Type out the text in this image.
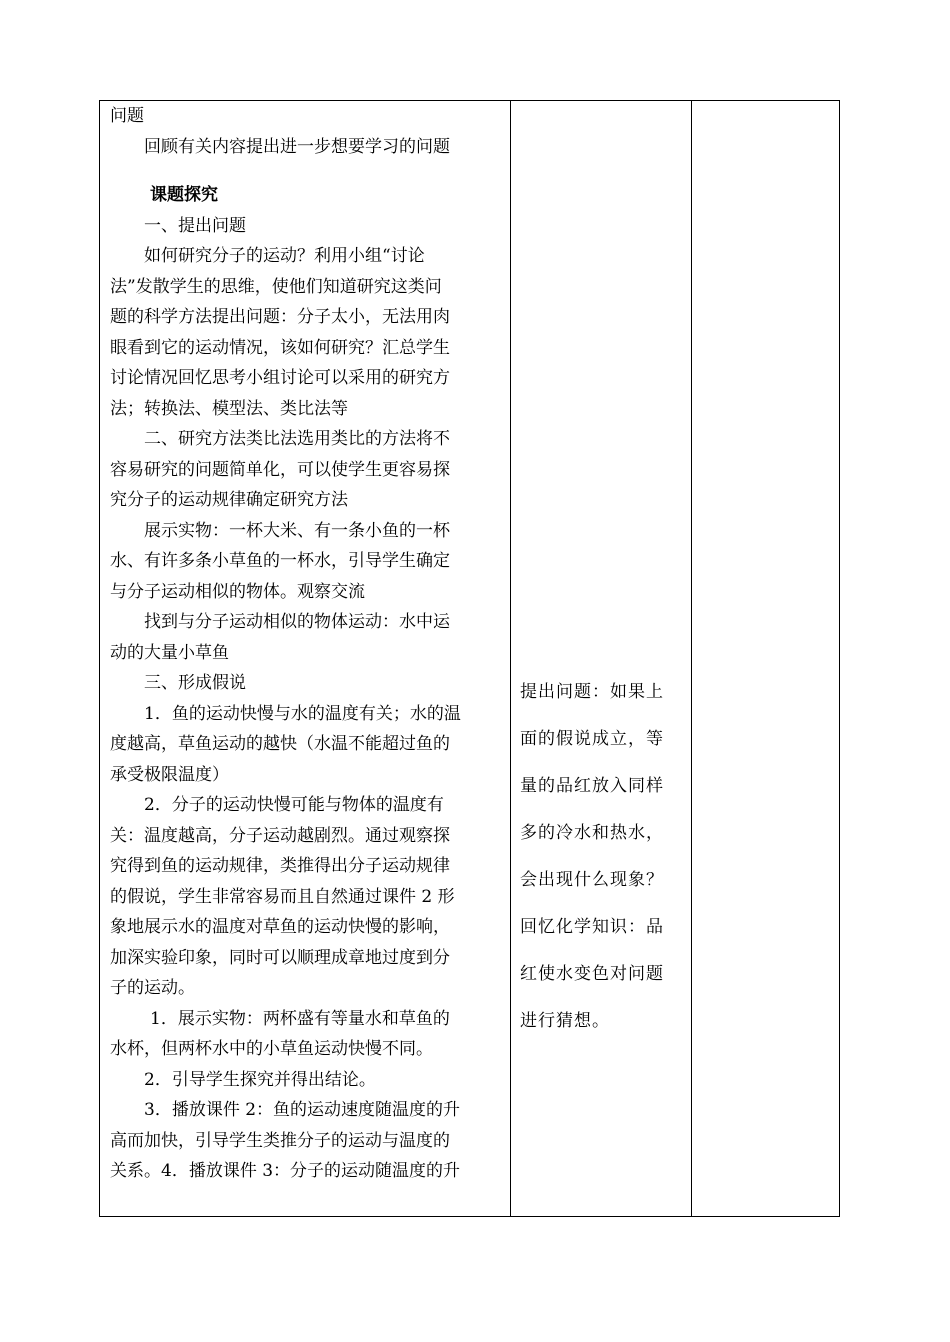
问题

回顾有关内容提出进一步想要学习的问题

课题探究

一、提出问题

如何研究分子的运动？利用小组“讨论

法”发散学生的思维，使他们知道研究这类问

题的科学方法提出问题：分子太小，无法用肉

眼看到它的运动情况，该如何研究？汇总学生

讨论情况回忆思考小组讨论可以采用的研究方

法；转换法、模型法、类比法等

二、研究方法类比法选用类比的方法将不

容易研究的问题简单化，可以使学生更容易探

究分子的运动规律确定研究方法

展示实物：一杯大米、有一条小鱼的一杯

水、有许多条小草鱼的一杯水，引导学生确定

与分子运动相似的物体。观察交流

找到与分子运动相似的物体运动：水中运

动的大量小草鱼

三、形成假说

1．鱼的运动快慢与水的温度有关；水的温

度越高，草鱼运动的越快（水温不能超过鱼的

承受极限温度）

2．分子的运动快慢可能与物体的温度有

关：温度越高，分子运动越剧烈。通过观察探

究得到鱼的运动规律，类推得出分子运动规律

的假说，学生非常容易而且自然通过课件 2 形

象地展示水的温度对草鱼的运动快慢的影响，

加深实验印象，同时可以顺理成章地过度到分

子的运动。

1．展示实物：两杯盛有等量水和草鱼的

水杯，但两杯水中的小草鱼运动快慢不同。

2．引导学生探究并得出结论。

3．播放课件 2：鱼的运动速度随温度的升

高而加快，引导学生类推分子的运动与温度的

关系。4．播放课件 3：分子的运动随温度的升

提出问题：如果上

面的假说成立，等

量的品红放入同样

多的冷水和热水，

会出现什么现象？

回忆化学知识：品

红使水变色对问题

进行猜想。
